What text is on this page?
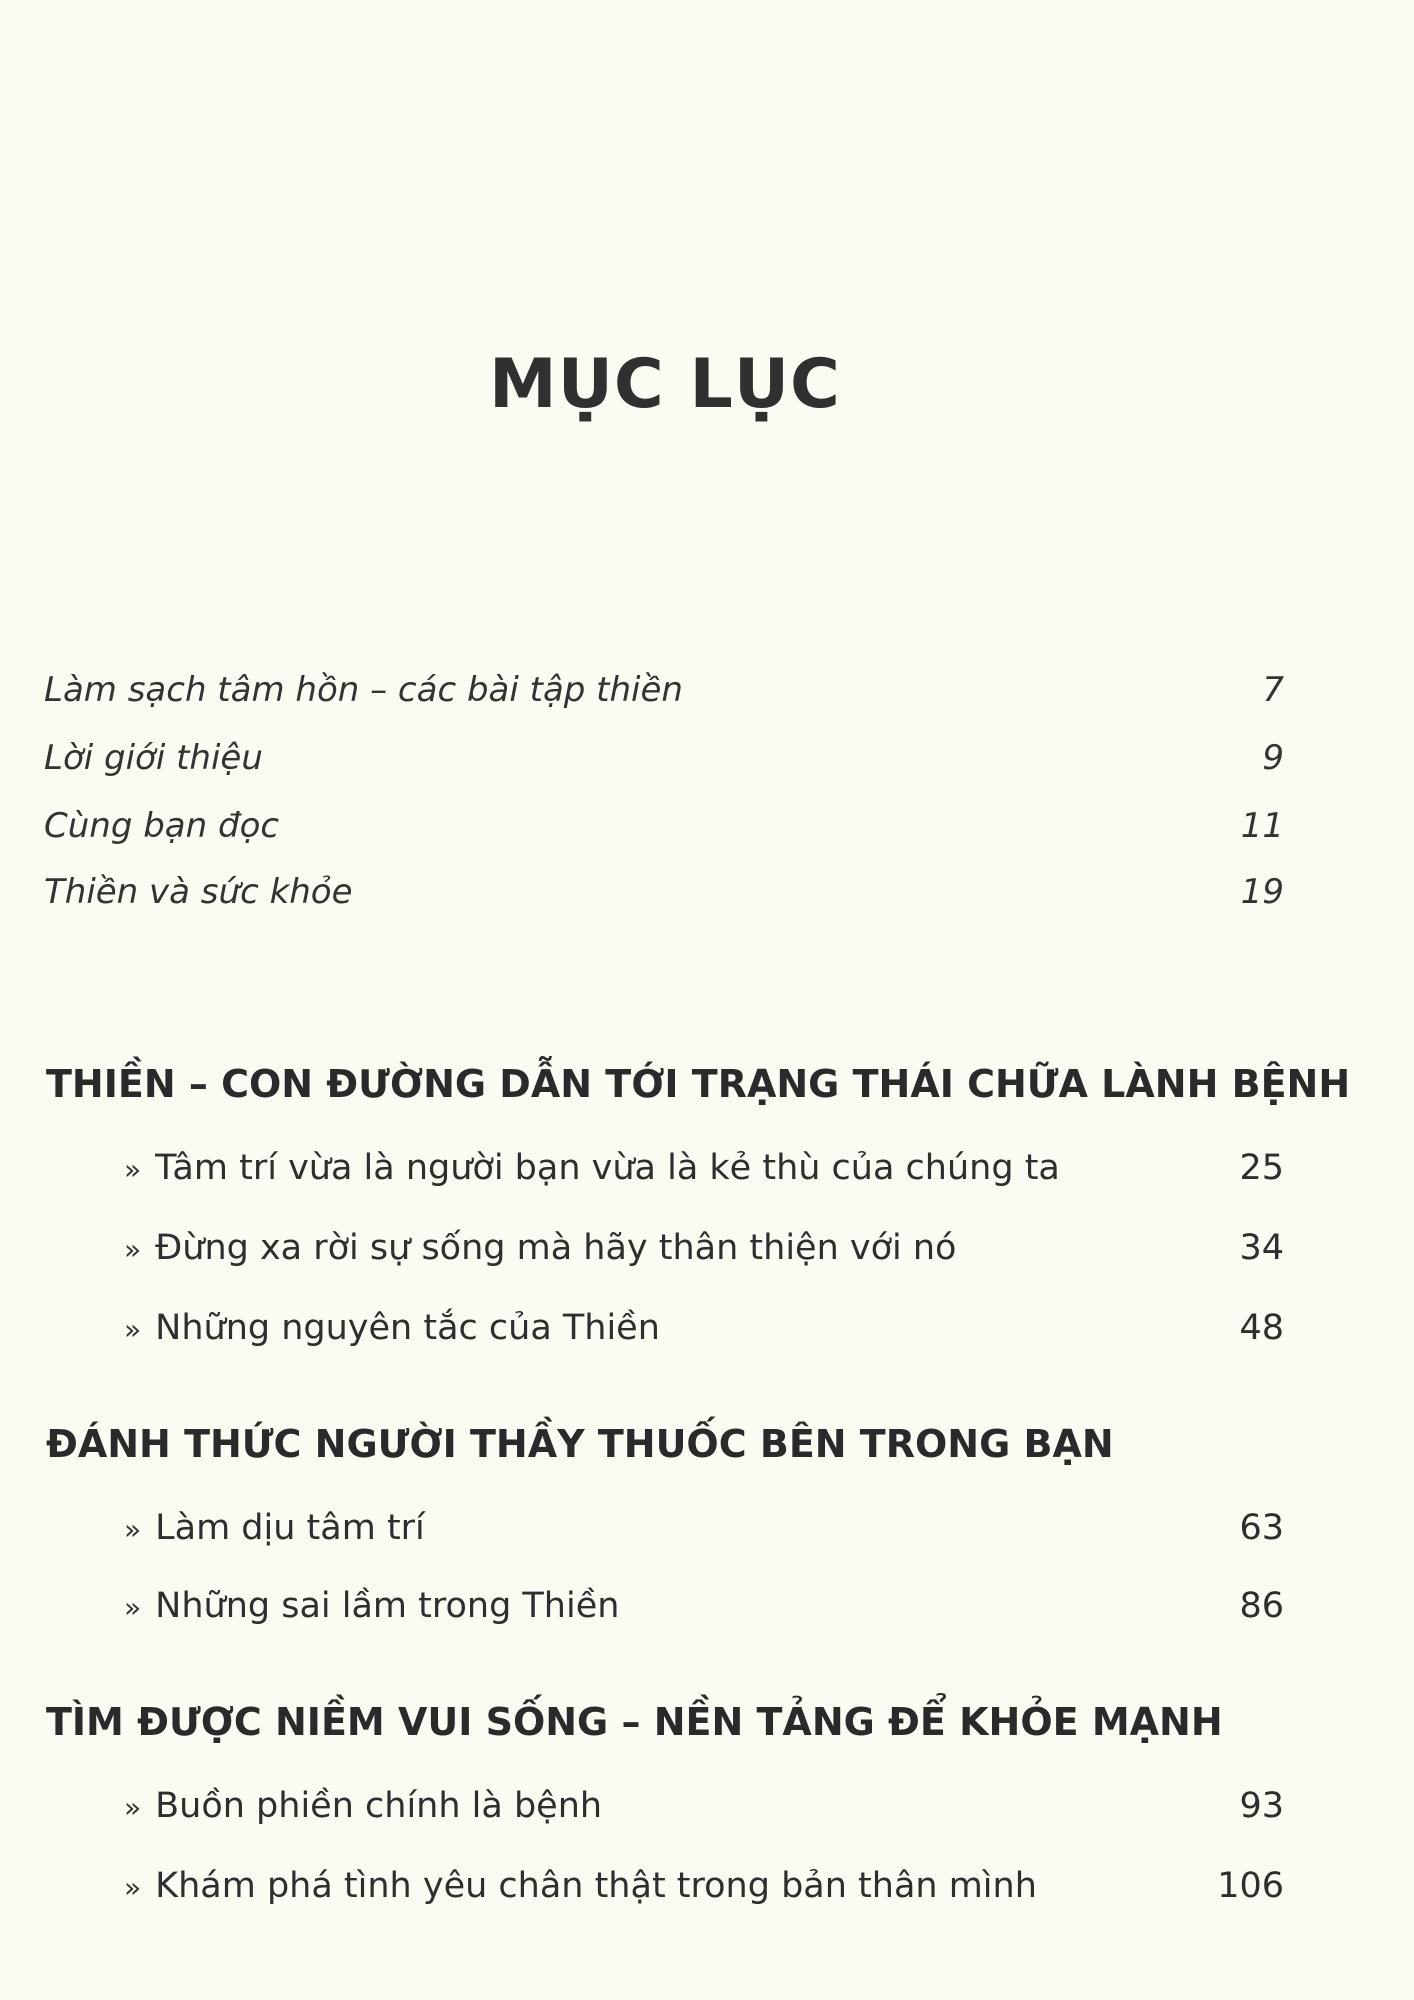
MỤC LỤC
Làm sạch tâm hồn – các bài tập thiền	7
Lời giới thiệu	9
Cùng bạn đọc	11
Thiền và sức khỏe	19
THIỀN – CON ĐƯỜNG DẪN TỚI TRẠNG THÁI CHỮA LÀNH BỆNH
» Tâm trí vừa là người bạn vừa là kẻ thù của chúng ta	25
» Đừng xa rời sự sống mà hãy thân thiện với nó	34
» Những nguyên tắc của Thiền	48
ĐÁNH THỨC NGƯỜI THẦY THUỐC BÊN TRONG BẠN
» Làm dịu tâm trí	63
» Những sai lầm trong Thiền	86
TÌM ĐƯỢC NIỀM VUI SỐNG – NỀN TẢNG ĐỂ KHỎE MẠNH
» Buồn phiền chính là bệnh	93
» Khám phá tình yêu chân thật trong bản thân mình	106
